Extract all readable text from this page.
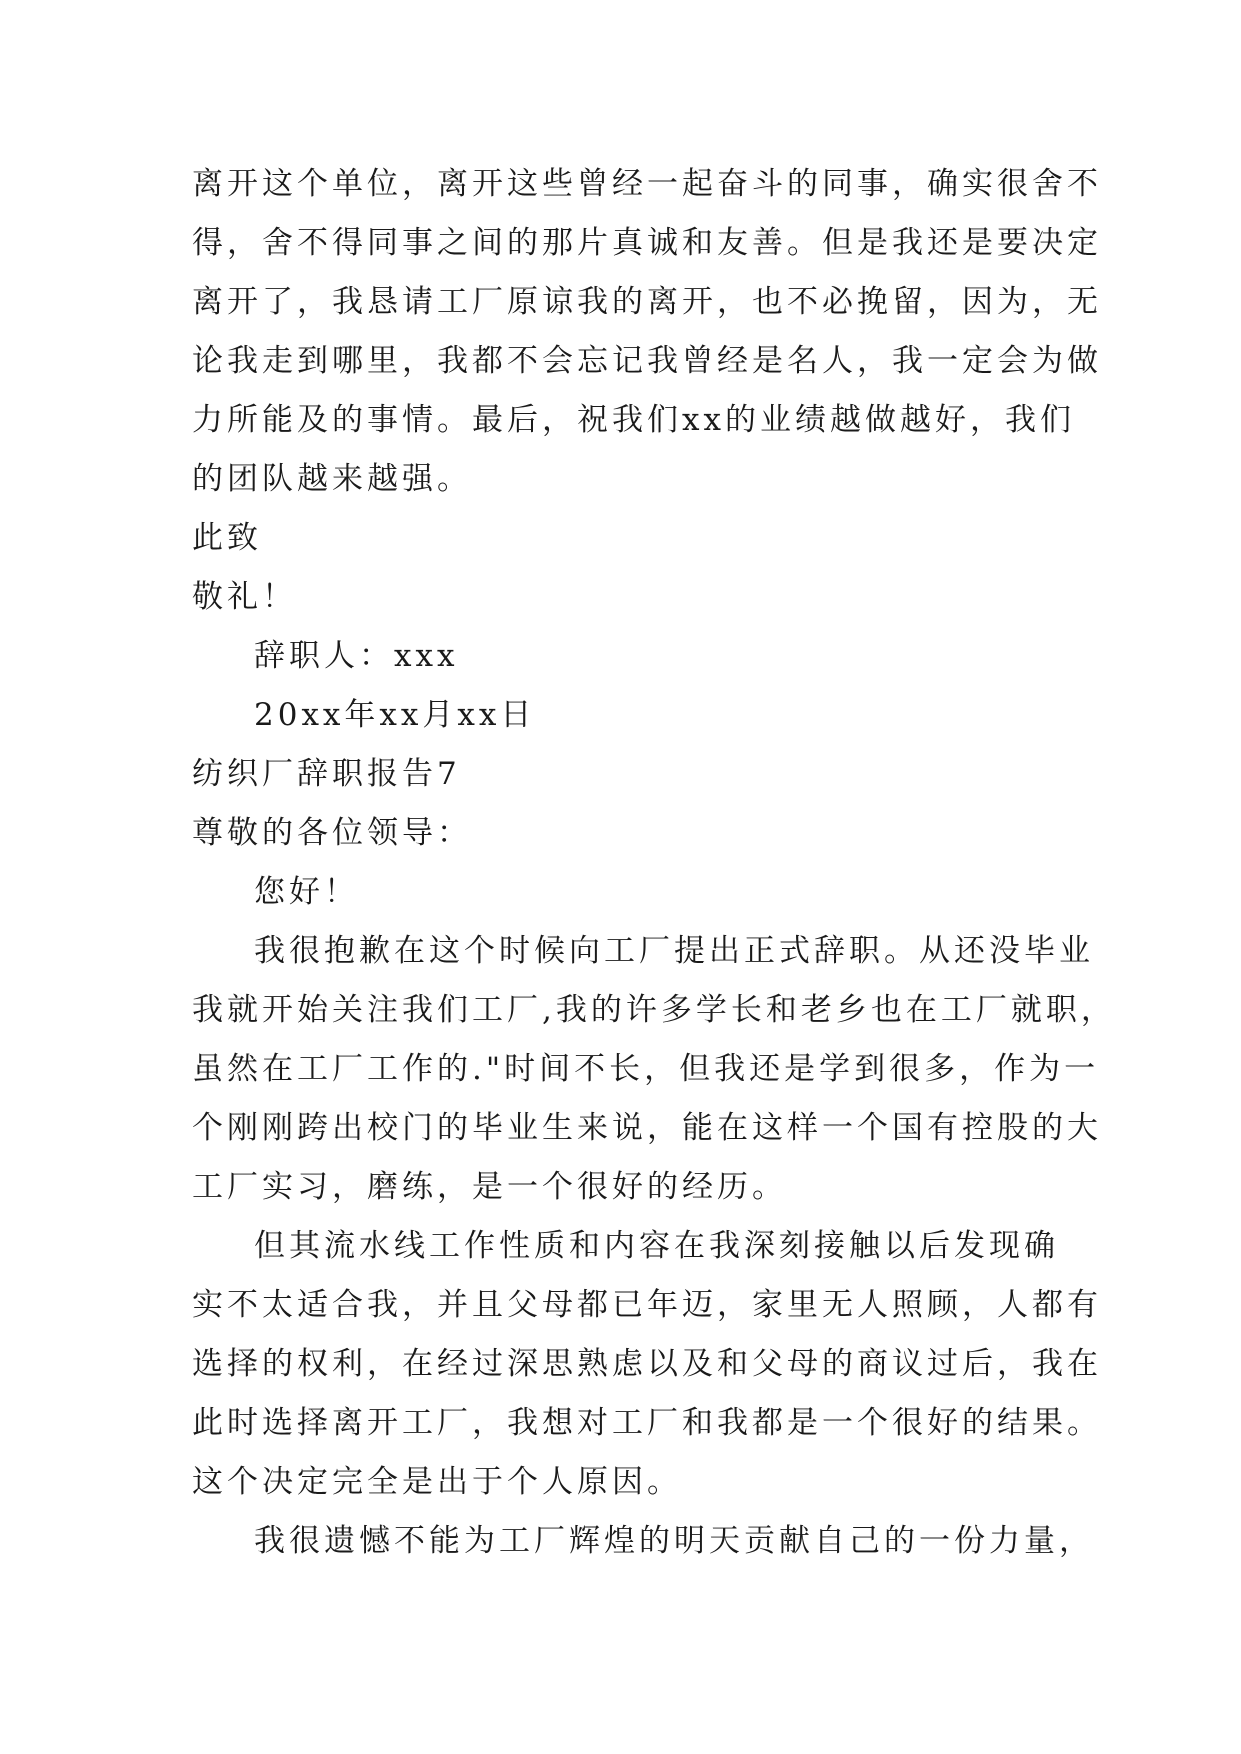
离开这个单位，离开这些曾经一起奋斗的同事，确实很舍不

得，舍不得同事之间的那片真诚和友善。但是我还是要决定

离开了，我恳请工厂原谅我的离开，也不必挽留，因为，无

论我走到哪里，我都不会忘记我曾经是名人，我一定会为做

力所能及的事情。最后，祝我们xx的业绩越做越好，我们

的团队越来越强。

此致

敬礼！

辞职人：xxx

20xx年xx月xx日

纺织厂辞职报告7

尊敬的各位领导：

您好！

我很抱歉在这个时候向工厂提出正式辞职。从还没毕业

我就开始关注我们工厂,我的许多学长和老乡也在工厂就职，

虽然在工厂工作的."时间不长，但我还是学到很多，作为一

个刚刚跨出校门的毕业生来说，能在这样一个国有控股的大

工厂实习，磨练，是一个很好的经历。

但其流水线工作性质和内容在我深刻接触以后发现确

实不太适合我，并且父母都已年迈，家里无人照顾，人都有

选择的权利，在经过深思熟虑以及和父母的商议过后，我在

此时选择离开工厂，我想对工厂和我都是一个很好的结果。

这个决定完全是出于个人原因。

我很遗憾不能为工厂辉煌的明天贡献自己的一份力量，
